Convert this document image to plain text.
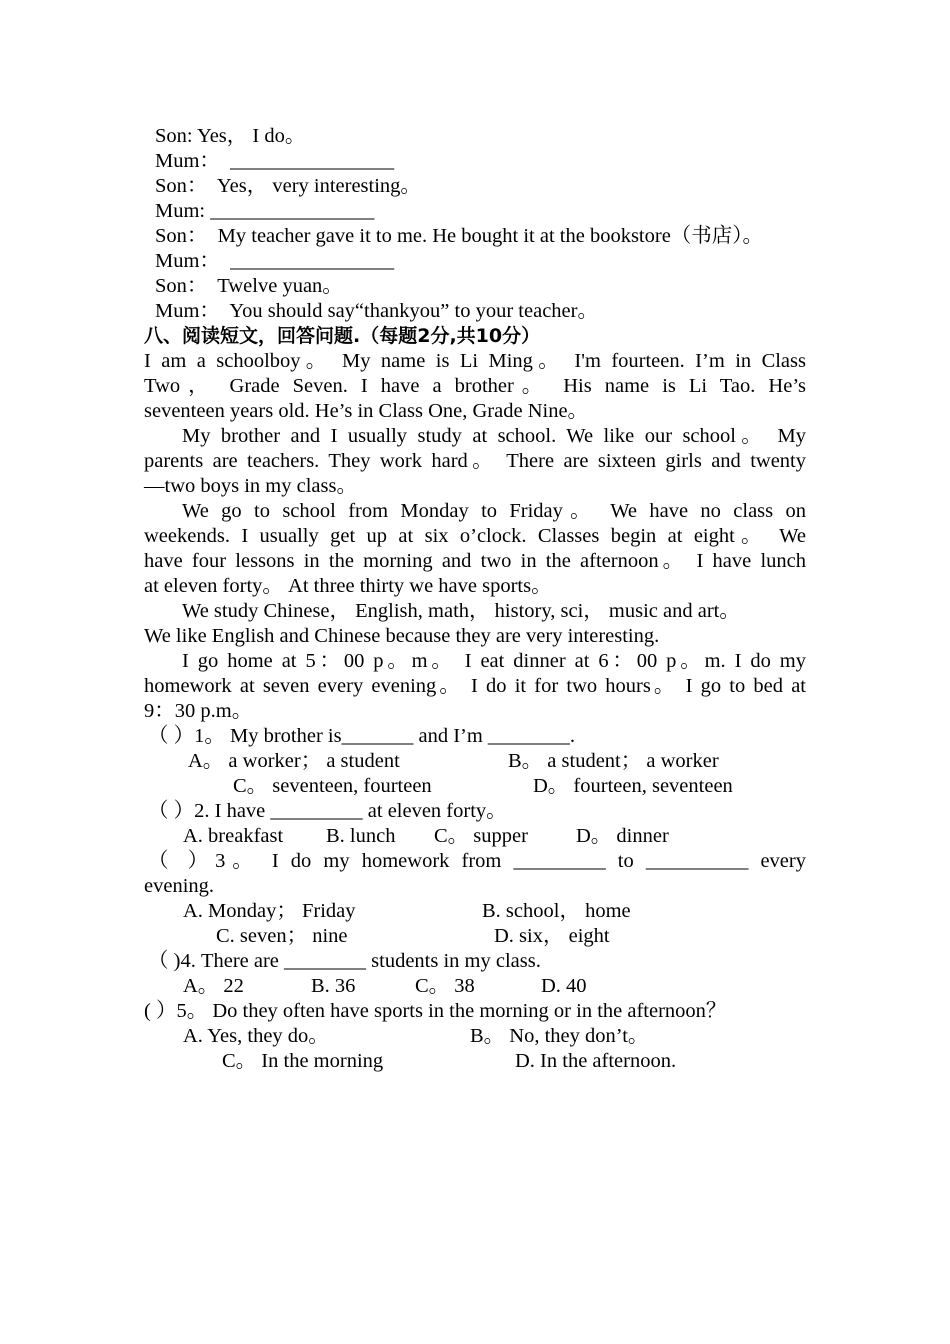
Son: Yes， I do。

Mum：  ________________

Son：  Yes， very interesting。

Mum: ________________

Son：  My teacher gave it to me. He bought it at the bookstore（书店）。

Mum：  ________________

Son：  Twelve yuan。

Mum：  You should say“thankyou” to your teacher。

八、阅读短文，回答问题.（每题2分,共10分）

I am a schoolboy。 My name is Li Ming。 I'm fourteen. I’m in Class

Two， Grade Seven. I have a brother。 His name is Li Tao. He’s

seventeen years old. He’s in Class One, Grade Nine。

My brother and I usually study at school. We like our school。 My

parents are teachers. They work hard。 There are sixteen girls and twenty

—two boys in my class。

We go to school from Monday to Friday。 We have no class on

weekends. I usually get up at six o’clock. Classes begin at eight。 We

have four lessons in the morning and two in the afternoon。 I have lunch

at eleven forty。 At three thirty we have sports。

We study Chinese， English, math， history, sci， music and art。

We like English and Chinese because they are very interesting.

I go home at 5：00 p。m。 I eat dinner at 6：00 p。m. I do my

homework at seven every evening。 I do it for two hours。 I go to bed at

9：30 p.m。

（ ）1。 My brother is_______ and I’m ________.

A。 a worker； a student	B。 a student； a worker

C。 seventeen, fourteen	D。 fourteen, seventeen

（ ）2. I have _________ at eleven forty。

A. breakfast B. lunch C。 supper D。 dinner

（ ）3。 I do my homework from _________ to __________ every

evening.

A. Monday； Friday	B. school， home

C. seven； nine	D. six， eight

（ )4. There are ________ students in my class.

A。 22	B. 36	C。 38	D. 40

( ）5。 Do they often have sports in the morning or in the afternoon？

A. Yes, they do。	B。 No, they don’t。

C。 In the morning	D. In the afternoon.
